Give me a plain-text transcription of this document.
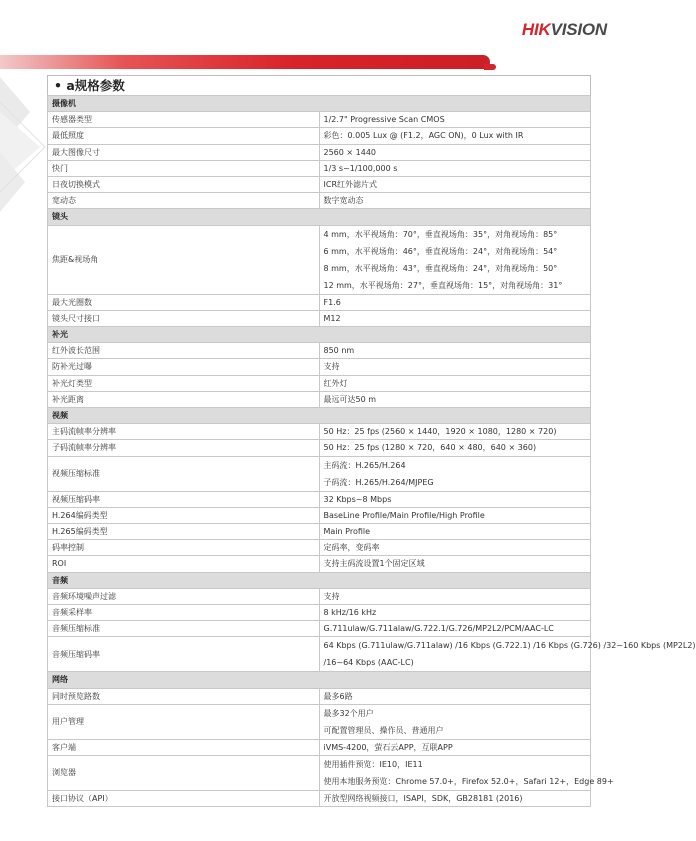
HIKVISION
• a规格参数
摄像机	
传感器类型	1/2.7" Progressive Scan CMOS
最低照度	彩色：0.005 Lux @ (F1.2，AGC ON)，0 Lux with IR
最大图像尺寸	2560 × 1440
快门	1/3 s~1/100,000 s
日夜切换模式	ICR红外滤片式
宽动态	数字宽动态
镜头	
焦距&视场角	4 mm，水平视场角：70°，垂直视场角：35°，对角视场角：85°
6 mm，水平视场角：46°，垂直视场角：24°，对角视场角：54°
8 mm，水平视场角：43°，垂直视场角：24°，对角视场角：50°
12 mm，水平视场角：27°，垂直视场角：15°，对角视场角：31°

最大光圈数	F1.6
镜头尺寸接口	M12
补光	
红外波长范围	850 nm
防补光过曝	支持
补光灯类型	红外灯
补光距离	最远可达50 m
视频	
主码流帧率分辨率	50 Hz：25 fps (2560 × 1440，1920 × 1080，1280 × 720)
子码流帧率分辨率	50 Hz：25 fps (1280 × 720，640 × 480，640 × 360)
视频压缩标准	主码流：H.265/H.264
子码流：H.265/H.264/MJPEG

视频压缩码率	32 Kbps~8 Mbps
H.264编码类型	BaseLine Profile/Main Profile/High Profile
H.265编码类型	Main Profile
码率控制	定码率，变码率
ROI	支持主码流设置1个固定区域
音频	
音频环境噪声过滤	支持
音频采样率	8 kHz/16 kHz
音频压缩标准	G.711ulaw/G.711alaw/G.722.1/G.726/MP2L2/PCM/AAC-LC
音频压缩码率	64 Kbps (G.711ulaw/G.711alaw) /16 Kbps (G.722.1) /16 Kbps (G.726) /32~160 Kbps (MP2L2)
/16~64 Kbps (AAC-LC)

网络	
同时预览路数	最多6路
用户管理	最多32个用户
可配置管理员、操作员、普通用户

客户端	iVMS-4200，萤石云APP，互联APP
浏览器	使用插件预览：IE10，IE11
使用本地服务预览：Chrome 57.0+，Firefox 52.0+，Safari 12+，Edge 89+

接口协议（API）	开放型网络视频接口，ISAPI，SDK，GB28181 (2016)
